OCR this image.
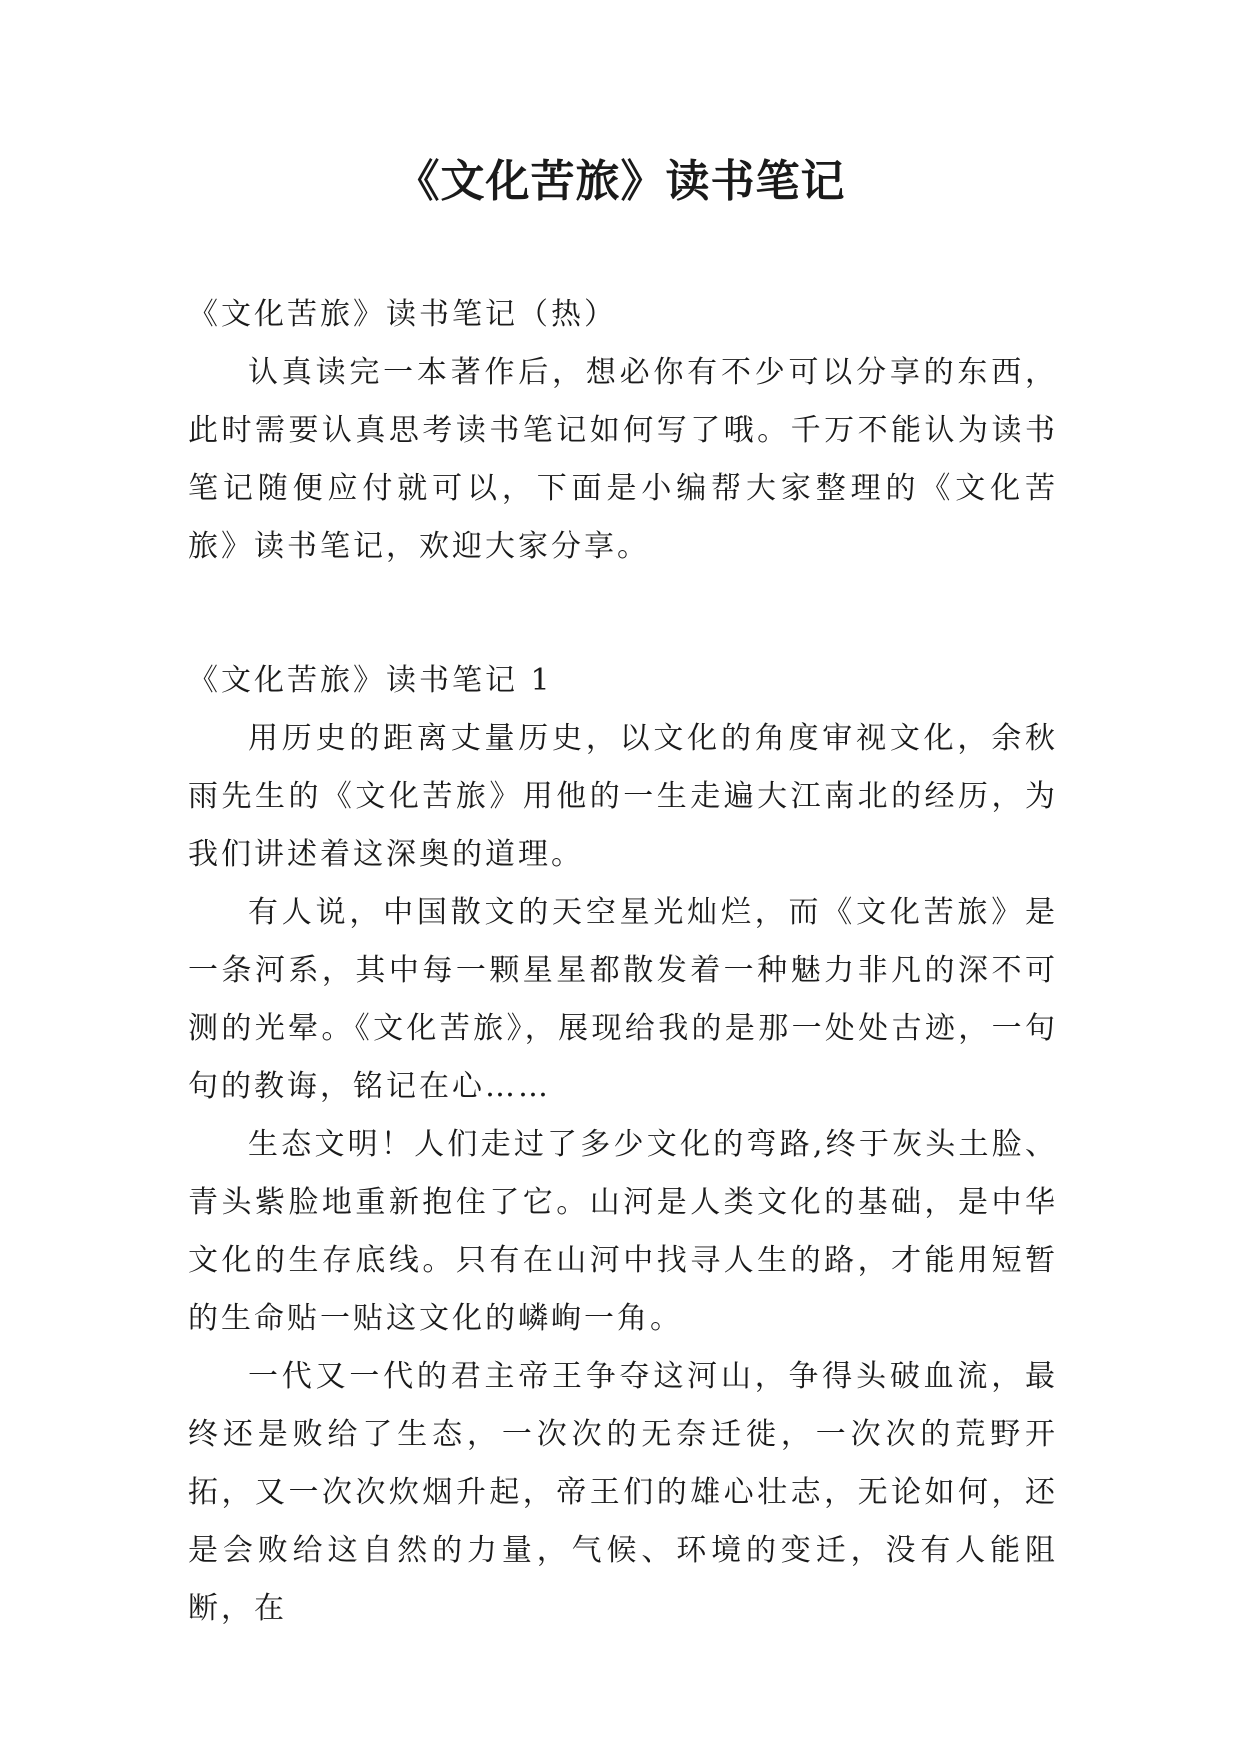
《文化苦旅》读书笔记

《文化苦旅》读书笔记（热）

认真读完一本著作后，想必你有不少可以分享的东西，此时需要认真思考读书笔记如何写了哦。千万不能认为读书笔记随便应付就可以，下面是小编帮大家整理的《文化苦旅》读书笔记，欢迎大家分享。

《文化苦旅》读书笔记 1

用历史的距离丈量历史，以文化的角度审视文化，余秋雨先生的《文化苦旅》用他的一生走遍大江南北的经历，为我们讲述着这深奥的道理。

有人说，中国散文的天空星光灿烂，而《文化苦旅》是一条河系，其中每一颗星星都散发着一种魅力非凡的深不可测的光晕。《文化苦旅》，展现给我的是那一处处古迹，一句句的教诲，铭记在心……

生态文明！人们走过了多少文化的弯路,终于灰头土脸、青头紫脸地重新抱住了它。山河是人类文化的基础，是中华文化的生存底线。只有在山河中找寻人生的路，才能用短暂的生命贴一贴这文化的嶙峋一角。

一代又一代的君主帝王争夺这河山，争得头破血流，最终还是败给了生态，一次次的无奈迁徙，一次次的荒野开拓，又一次次炊烟升起，帝王们的雄心壮志，无论如何，还是会败给这自然的力量，气候、环境的变迁，没有人能阻断，在
